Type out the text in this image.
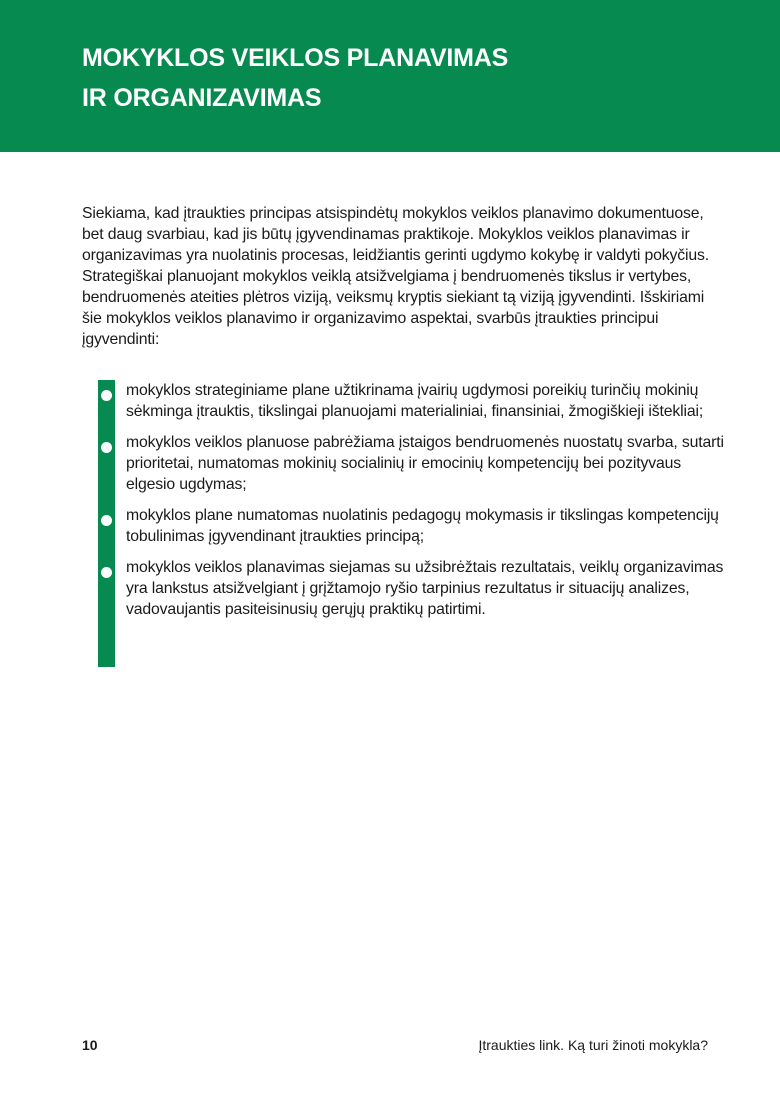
MOKYKLOS VEIKLOS PLANAVIMAS
IR ORGANIZAVIMAS

Siekiama, kad įtraukties principas atsispindėtų mokyklos veiklos planavimo dokumentuose, bet daug svarbiau, kad jis būtų įgyvendinamas praktikoje. Mokyklos veiklos planavimas ir organizavimas yra nuolatinis procesas, leidžiantis gerinti ugdymo kokybę ir valdyti pokyčius. Strategiškai planuojant mokyklos veiklą atsižvelgiama į bendruomenės tikslus ir vertybes, bendruomenės ateities plėtros viziją, veiksmų kryptis siekiant tą viziją įgyvendinti. Išskiriami šie mokyklos veiklos planavimo ir organizavimo aspektai, svarbūs įtraukties principui įgyvendinti:

mokyklos strateginiame plane užtikrinama įvairių ugdymosi poreikių turinčių mokinių sėkminga įtrauktis, tikslingai planuojami materialiniai, finansiniai, žmogiškieji ištekliai;
mokyklos veiklos planuose pabrėžiama įstaigos bendruomenės nuostatų svarba, sutarti prioritetai, numatomas mokinių socialinių ir emocinių kompetencijų bei pozityvaus elgesio ugdymas;
mokyklos plane numatomas nuolatinis pedagogų mokymasis ir tikslingas kompetencijų tobulinimas įgyvendinant įtraukties principą;
mokyklos veiklos planavimas siejamas su užsibrėžtais rezultatais, veiklų organizavimas yra lankstus atsižvelgiant į grįžtamojo ryšio tarpinius rezultatus ir situacijų analizes, vadovaujantis pasiteisinusių gerųjų praktikų patirtimi.
10	Įtraukties link. Ką turi žinoti mokykla?
